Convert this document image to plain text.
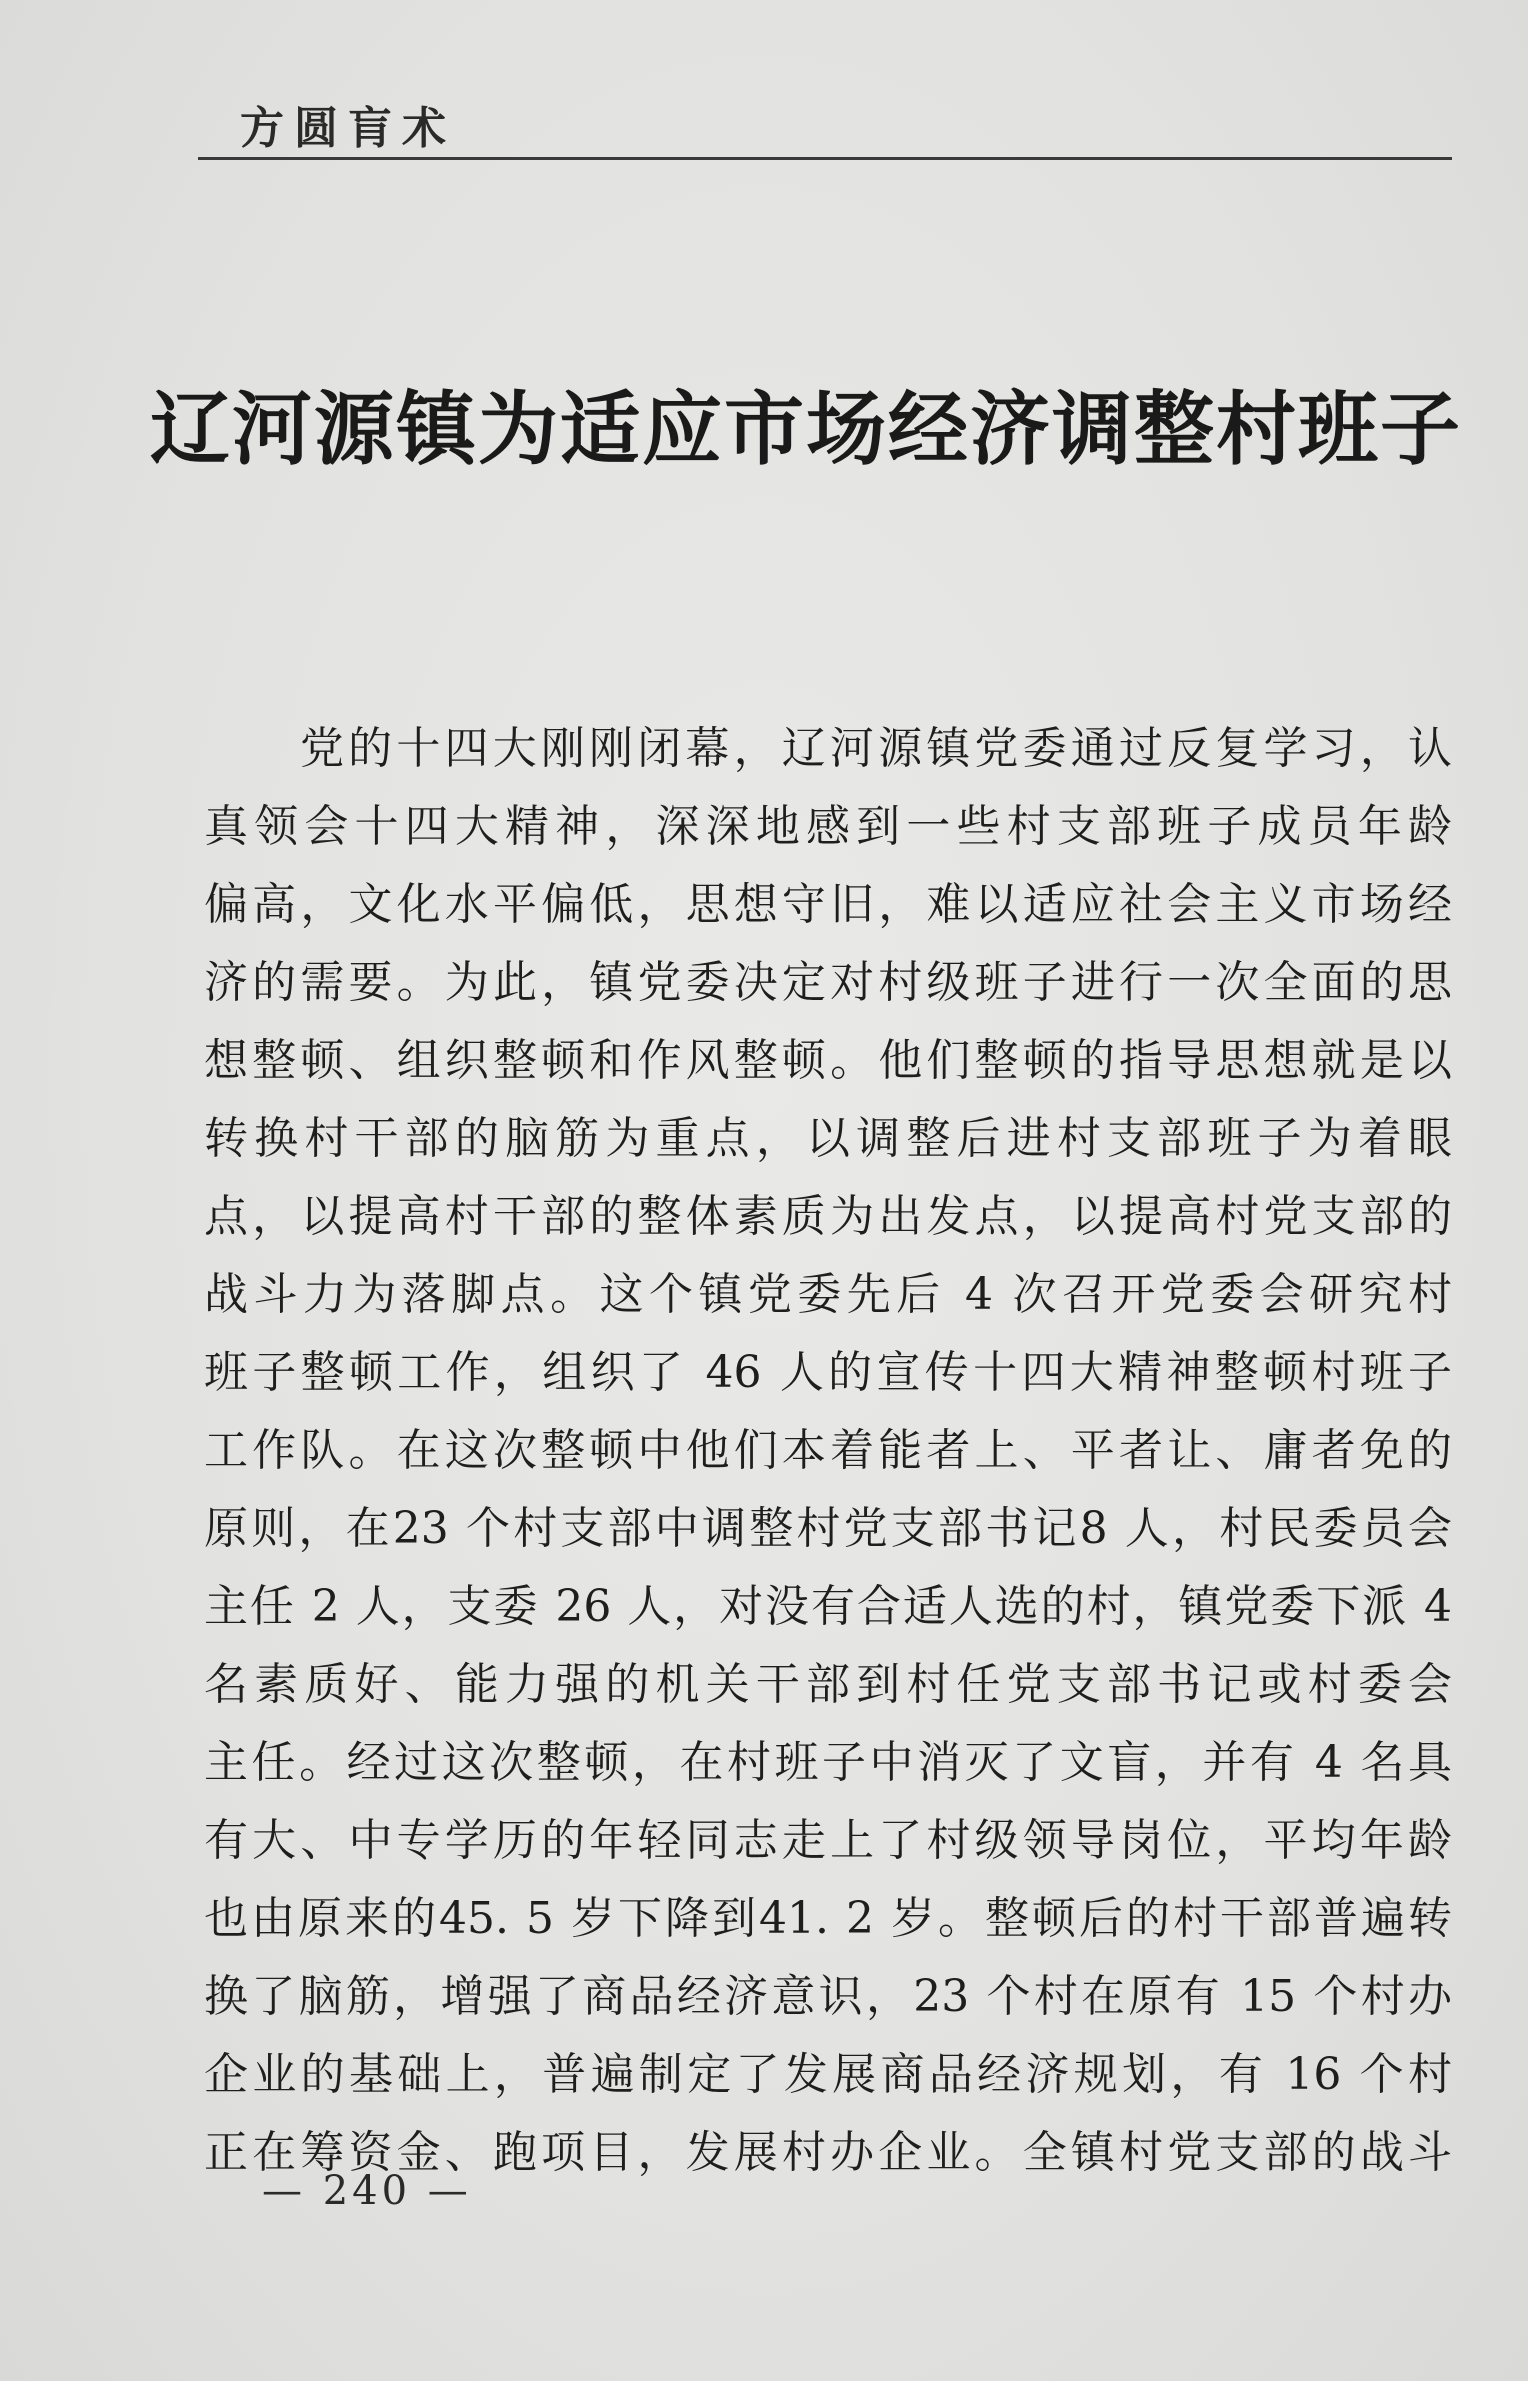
方圆肓术
辽河源镇为适应市场经济调整村班子
党的十四大刚刚闭幕，辽河源镇党委通过反复学习，认
真领会十四大精神，深深地感到一些村支部班子成员年龄
偏高，文化水平偏低，思想守旧，难以适应社会主义市场经
济的需要。为此，镇党委决定对村级班子进行一次全面的思
想整顿、组织整顿和作风整顿。他们整顿的指导思想就是以
转换村干部的脑筋为重点，以调整后进村支部班子为着眼
点，以提高村干部的整体素质为出发点，以提高村党支部的
战斗力为落脚点。这个镇党委先后 4 次召开党委会研究村
班子整顿工作，组织了 46 人的宣传十四大精神整顿村班子
工作队。在这次整顿中他们本着能者上、平者让、庸者免的
原则，在23 个村支部中调整村党支部书记8 人，村民委员会
主任 2 人，支委 26 人，对没有合适人选的村，镇党委下派 4
名素质好、能力强的机关干部到村任党支部书记或村委会
主任。经过这次整顿，在村班子中消灭了文盲，并有 4 名具
有大、中专学历的年轻同志走上了村级领导岗位，平均年龄
也由原来的45. 5 岁下降到41. 2 岁。整顿后的村干部普遍转
换了脑筋，增强了商品经济意识，23 个村在原有 15 个村办
企业的基础上，普遍制定了发展商品经济规划，有 16 个村
正在筹资金、跑项目，发展村办企业。全镇村党支部的战斗
— 240 —
